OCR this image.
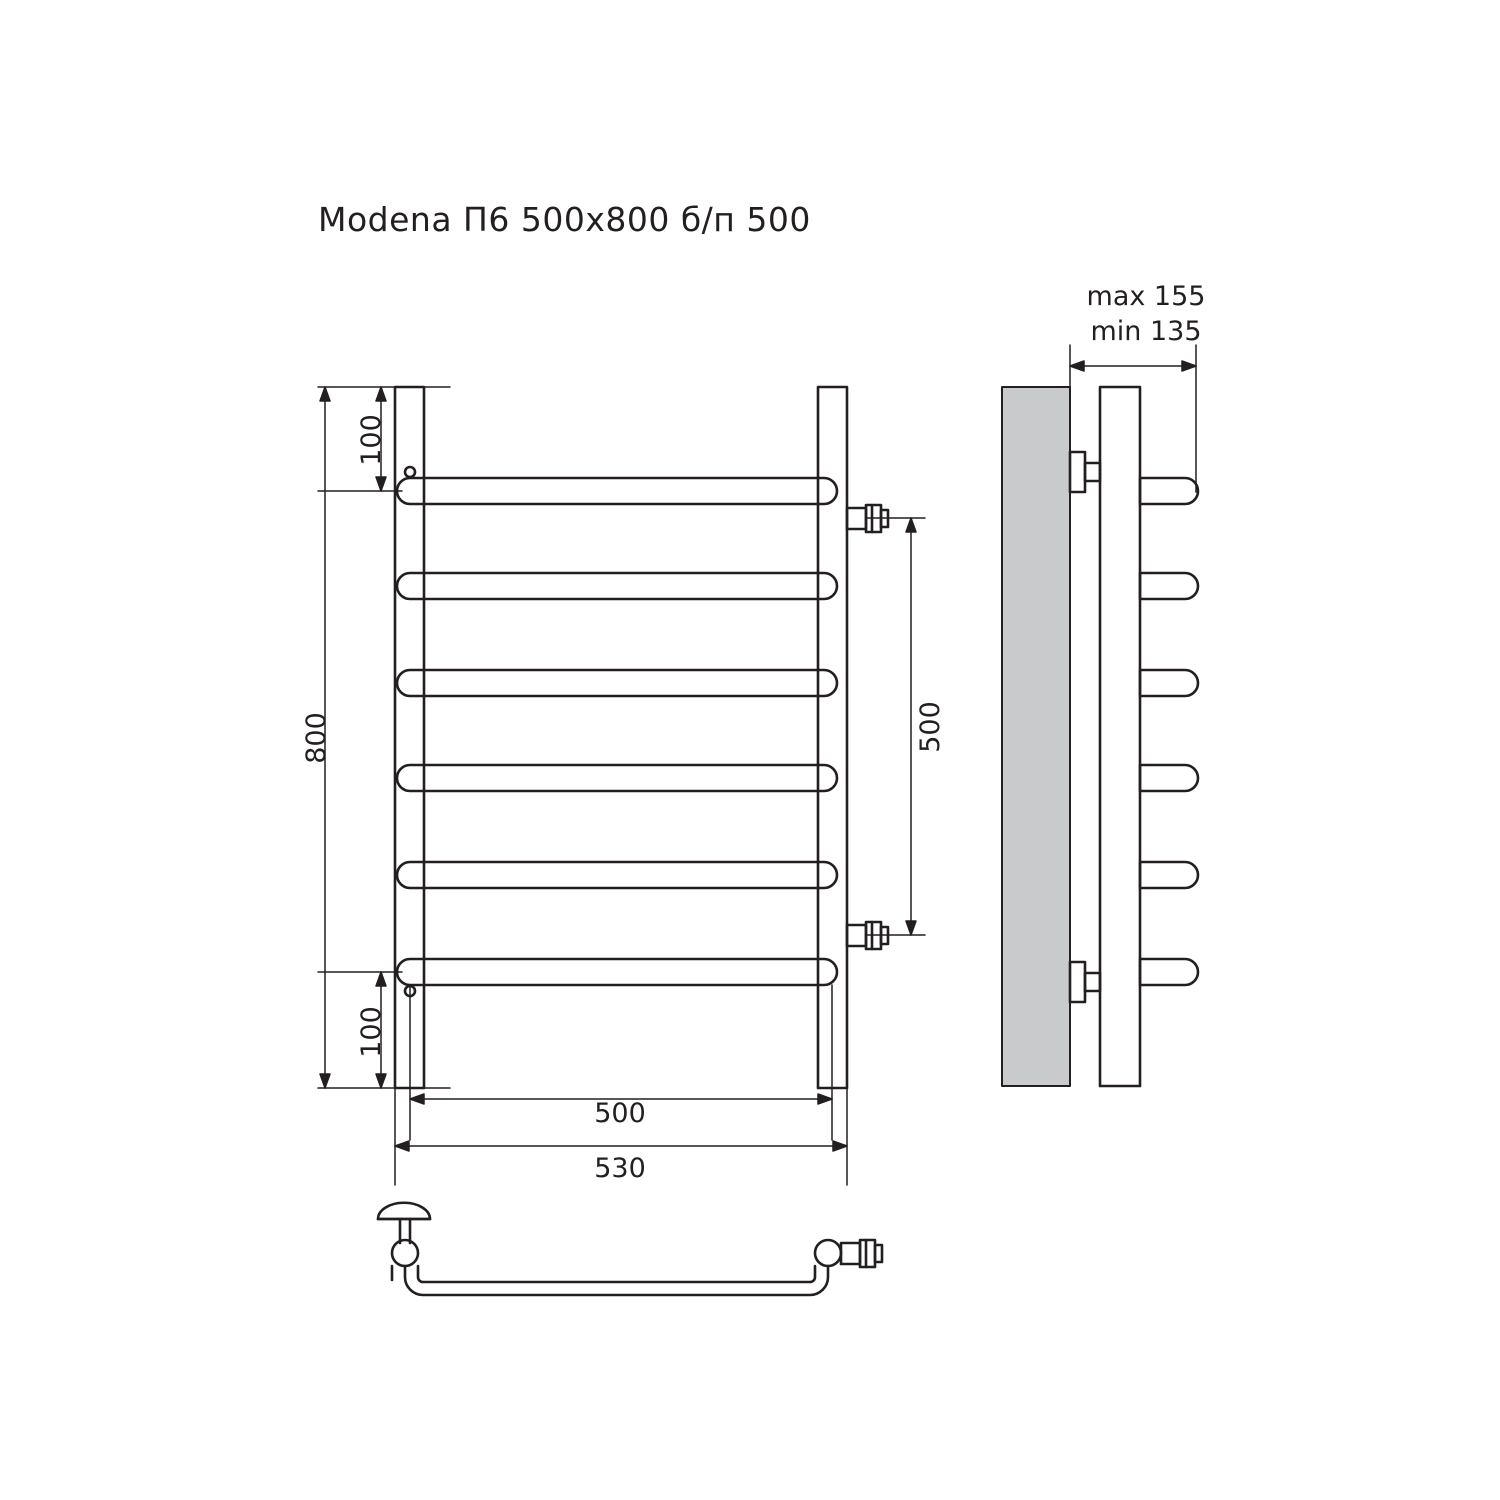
Modena П6 500x800 б/п 500
100
800
100
500
500
530
max 155
min 135
